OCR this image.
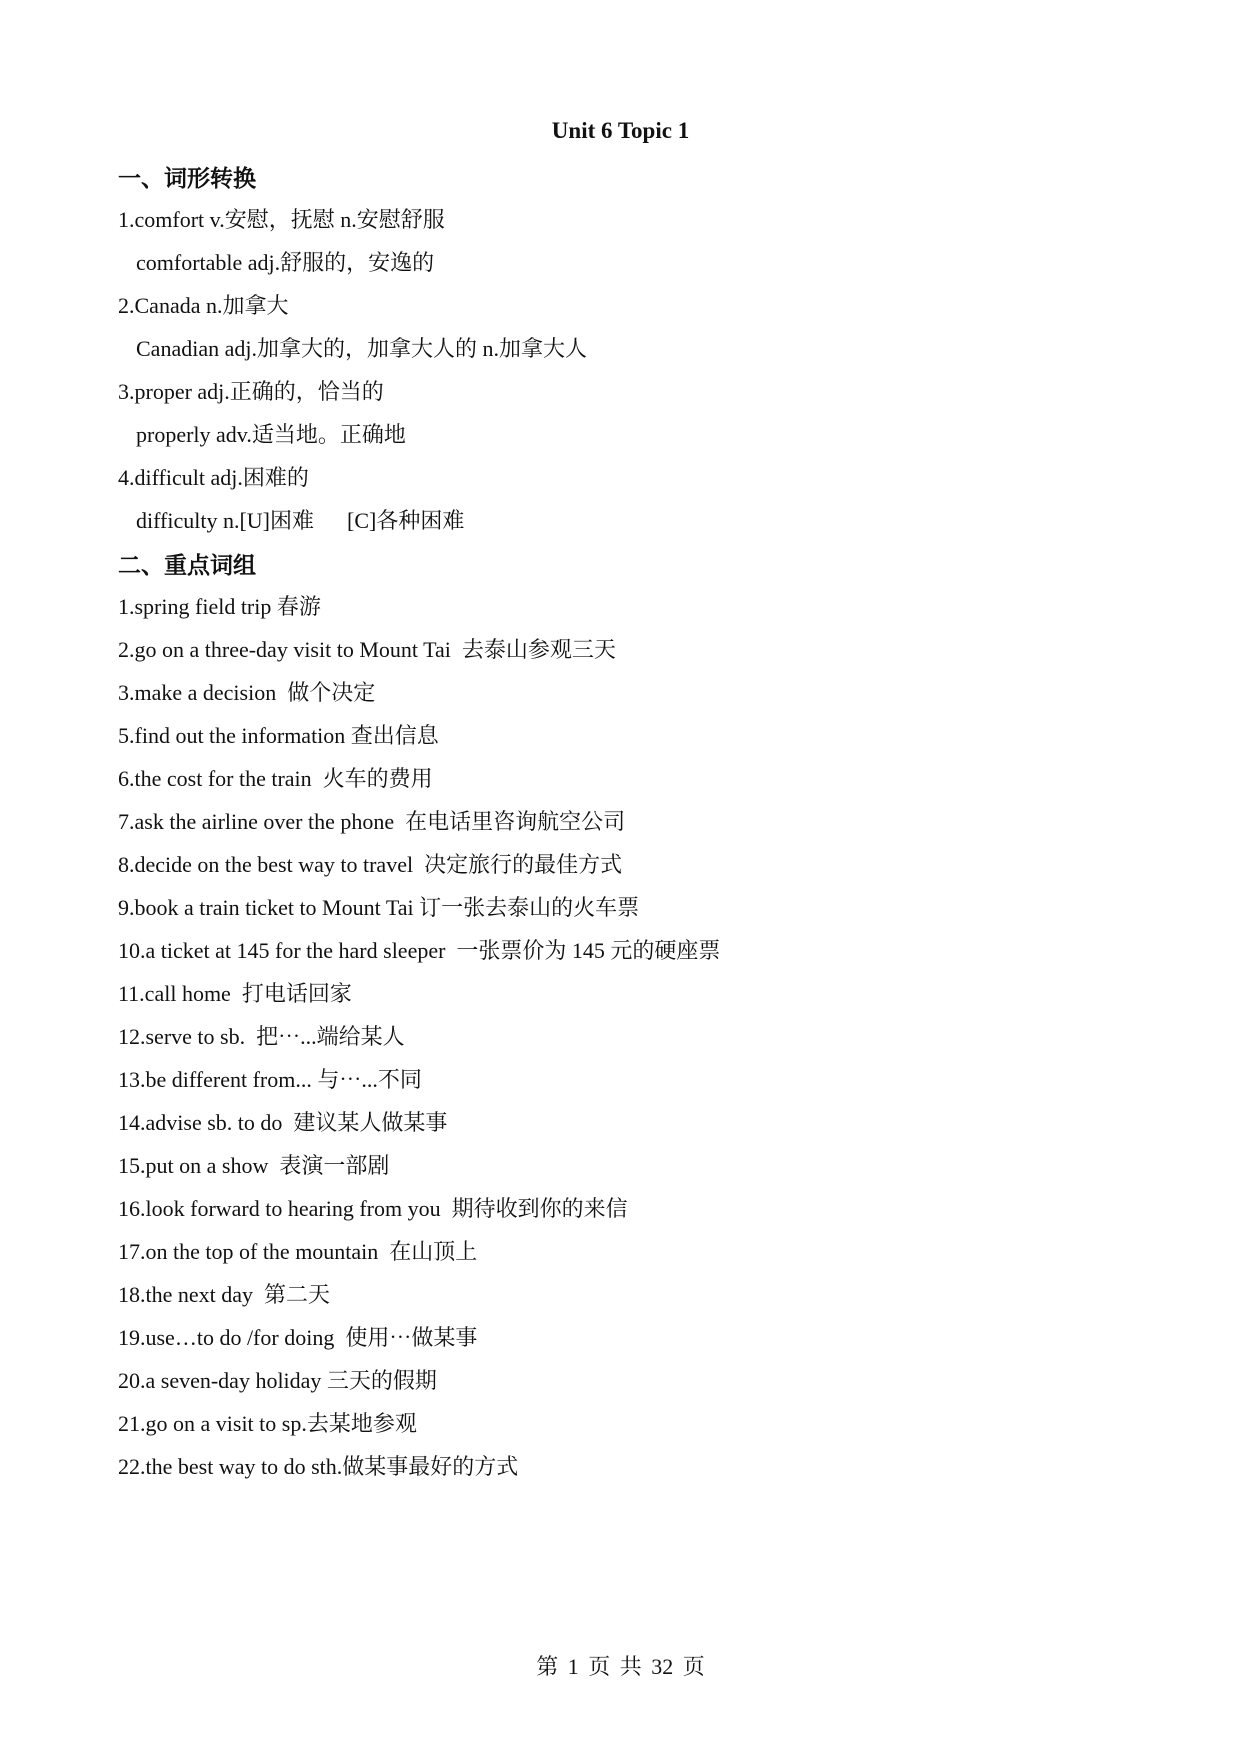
Unit 6 Topic 1
一、词形转换
1.comfort v.安慰，抚慰 n.安慰舒服
comfortable adj.舒服的，安逸的
2.Canada n.加拿大
Canadian adj.加拿大的，加拿大人的 n.加拿大人
3.proper adj.正确的，恰当的
properly adv.适当地。正确地
4.difficult adj.困难的
difficulty n.[U]困难      [C]各种困难
二、重点词组
1.spring field trip 春游
2.go on a three-day visit to Mount Tai  去泰山参观三天
3.make a decision  做个决定
5.find out the information 查出信息
6.the cost for the train  火车的费用
7.ask the airline over the phone  在电话里咨询航空公司
8.decide on the best way to travel  决定旅行的最佳方式
9.book a train ticket to Mount Tai 订一张去泰山的火车票
10.a ticket at 145 for the hard sleeper  一张票价为 145 元的硬座票
11.call home  打电话回家
12.serve to sb.  把⋯...端给某人
13.be different from... 与⋯...不同
14.advise sb. to do  建议某人做某事
15.put on a show  表演一部剧
16.look forward to hearing from you  期待收到你的来信
17.on the top of the mountain  在山顶上
18.the next day  第二天
19.use…to do /for doing  使用⋯做某事
20.a seven-day holiday 三天的假期
21.go on a visit to sp.去某地参观
22.the best way to do sth.做某事最好的方式
第 1 页 共 32 页
